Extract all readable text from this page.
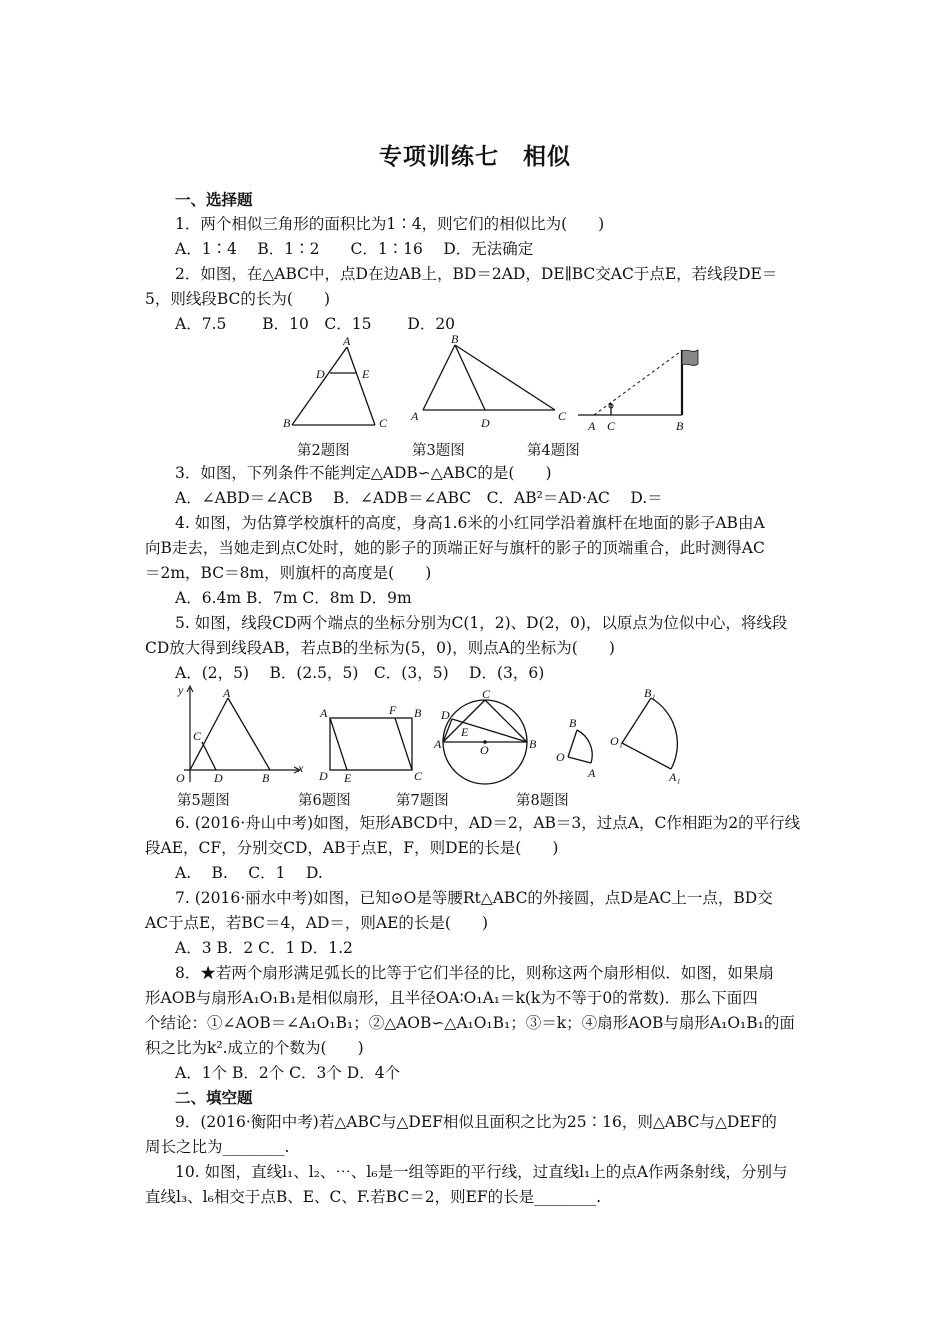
专项训练七　相似
一、选择题
1．两个相似三角形的面积比为1∶4，则它们的相似比为(　　)
A．1∶4　 B．1∶2　　C．1∶16　 D．无法确定
2．如图，在△ABC中，点D在边AB上，BD＝2AD，DE∥BC交AC于点E，若线段DE＝
5，则线段BC的长为(　　)
A．7.5　　 B．10　C．15　　 D．20
A
D	E
B	C
B
A	D	C
A C	B
第2题图	第3题图	第4题图
3．如图，下列条件不能判定△ADB∽△ABC的是(　　)
A．∠ABD＝∠ACB　 B．∠ADB＝∠ABC　C．AB²＝AD·AC　 D.＝
4. 如图，为估算学校旗杆的高度，身高1.6米的小红同学沿着旗杆在地面的影子AB由A
向B走去，当她走到点C处时，她的影子的顶端正好与旗杆的影子的顶端重合，此时测得AC
＝2m，BC＝8m，则旗杆的高度是(　　)
A．6.4m B．7m C．8m D．9m
5. 如图，线段CD两个端点的坐标分别为C(1，2)、D(2，0)，以原点为位似中心，将线段
CD放大得到线段AB，若点B的坐标为(5，0)，则点A的坐标为(　　)
A．(2，5)　 B．(2.5，5)　C．(3，5)　 D．(3，6)
y
x
A
C
O D	B
A	F B
D E	C
C
D
E
A	O	B
B
O
A
B₁
O₁
A₁
第5题图	第6题图	第7题图	第8题图
6. (2016·舟山中考)如图，矩形ABCD中，AD＝2，AB＝3，过点A，C作相距为2的平行线
段AE，CF，分别交CD，AB于点E，F，则DE的长是(　　)
A.　 B.　 C．1　 D.
7. (2016·丽水中考)如图，已知⊙O是等腰Rt△ABC的外接圆，点D是AC上一点，BD交
AC于点E，若BC＝4，AD＝，则AE的长是(　　)
A．3 B．2 C．1 D．1.2
8．★若两个扇形满足弧长的比等于它们半径的比，则称这两个扇形相似．如图，如果扇
形AOB与扇形A₁O₁B₁是相似扇形，且半径OA∶O₁A₁＝k(k为不等于0的常数)．那么下面四
个结论：①∠AOB＝∠A₁O₁B₁；②△AOB∽△A₁O₁B₁；③＝k；④扇形AOB与扇形A₁O₁B₁的面
积之比为k².成立的个数为(　　)
A．1个 B．2个 C．3个 D．4个
二、填空题
9．(2016·衡阳中考)若△ABC与△DEF相似且面积之比为25∶16，则△ABC与△DEF的
周长之比为________.
10. 如图，直线l₁、l₂、⋯、l₆是一组等距的平行线，过直线l₁上的点A作两条射线，分别与
直线l₃、l₆相交于点B、E、C、F.若BC＝2，则EF的长是________.
